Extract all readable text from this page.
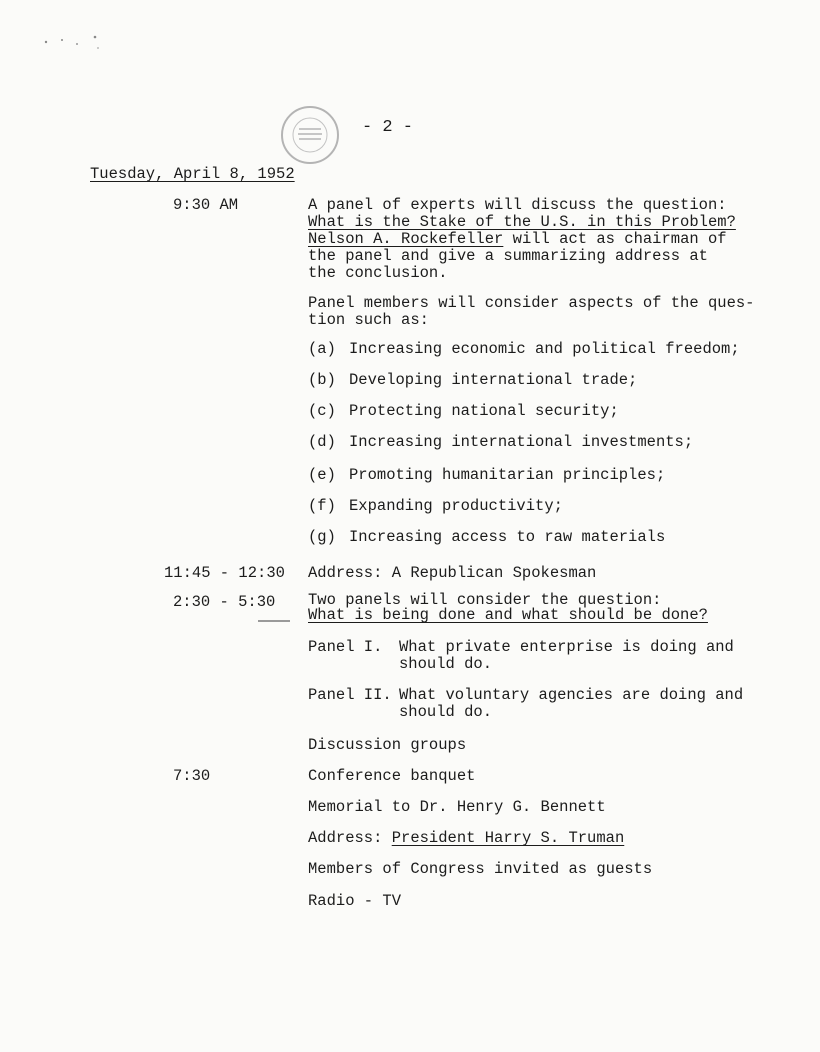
- 2 -
Tuesday, April 8, 1952
9:30 AM	A panel of experts will discuss the question:
What is the Stake of the U.S. in this Problem?
Nelson A. Rockefeller will act as chairman of
the panel and give a summarizing address at
the conclusion.
Panel members will consider aspects of the ques-
tion such as:
(a) Increasing economic and political freedom;
(b) Developing international trade;
(c) Protecting national security;
(d) Increasing international investments;
(e) Promoting humanitarian principles;
(f) Expanding productivity;
(g) Increasing access to raw materials
11:45 - 12:30 Address: A Republican Spokesman
2:30 - 5:30 Two panels will consider the question:
What is being done and what should be done?
Panel I. What private enterprise is doing and
should do.
Panel II. What voluntary agencies are doing and
should do.
Discussion groups
7:30	Conference banquet
Memorial to Dr. Henry G. Bennett
Address: President Harry S. Truman
Members of Congress invited as guests
Radio - TV
